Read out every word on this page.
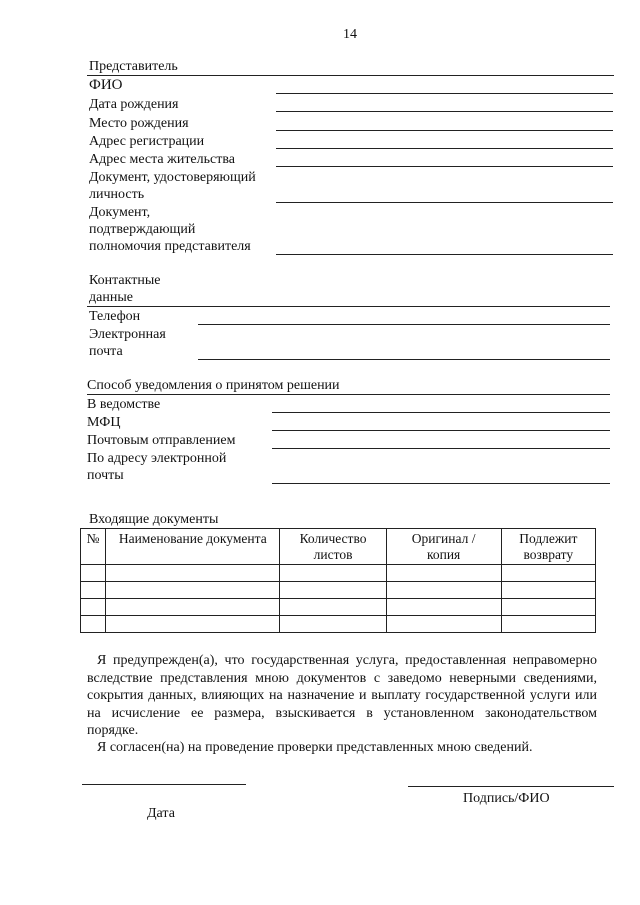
14
Представитель
ФИО
Дата рождения
Место рождения
Адрес регистрации
Адрес места жительства
Документ, удостоверяющий
личность
Документ,
подтверждающий
полномочия представителя
Контактные
данные
Телефон
Электронная
почта
Способ уведомления о принятом решении
В ведомстве
МФЦ
Почтовым отправлением
По адресу электронной
почты
Входящие документы
№	Наименование документа	Количество листов	Оригинал /копия	Подлежит возврату

Я предупрежден(а), что государственная услуга, предоставленная неправомерно вследствие представления мною документов с заведомо неверными сведениями, сокрытия данных, влияющих на назначение и выплату государственной услуги или на исчисление ее размера, взыскивается в установленном законодательством порядке.
Я согласен(на) на проведение проверки представленных мною сведений.
Подпись/ФИО
Дата
